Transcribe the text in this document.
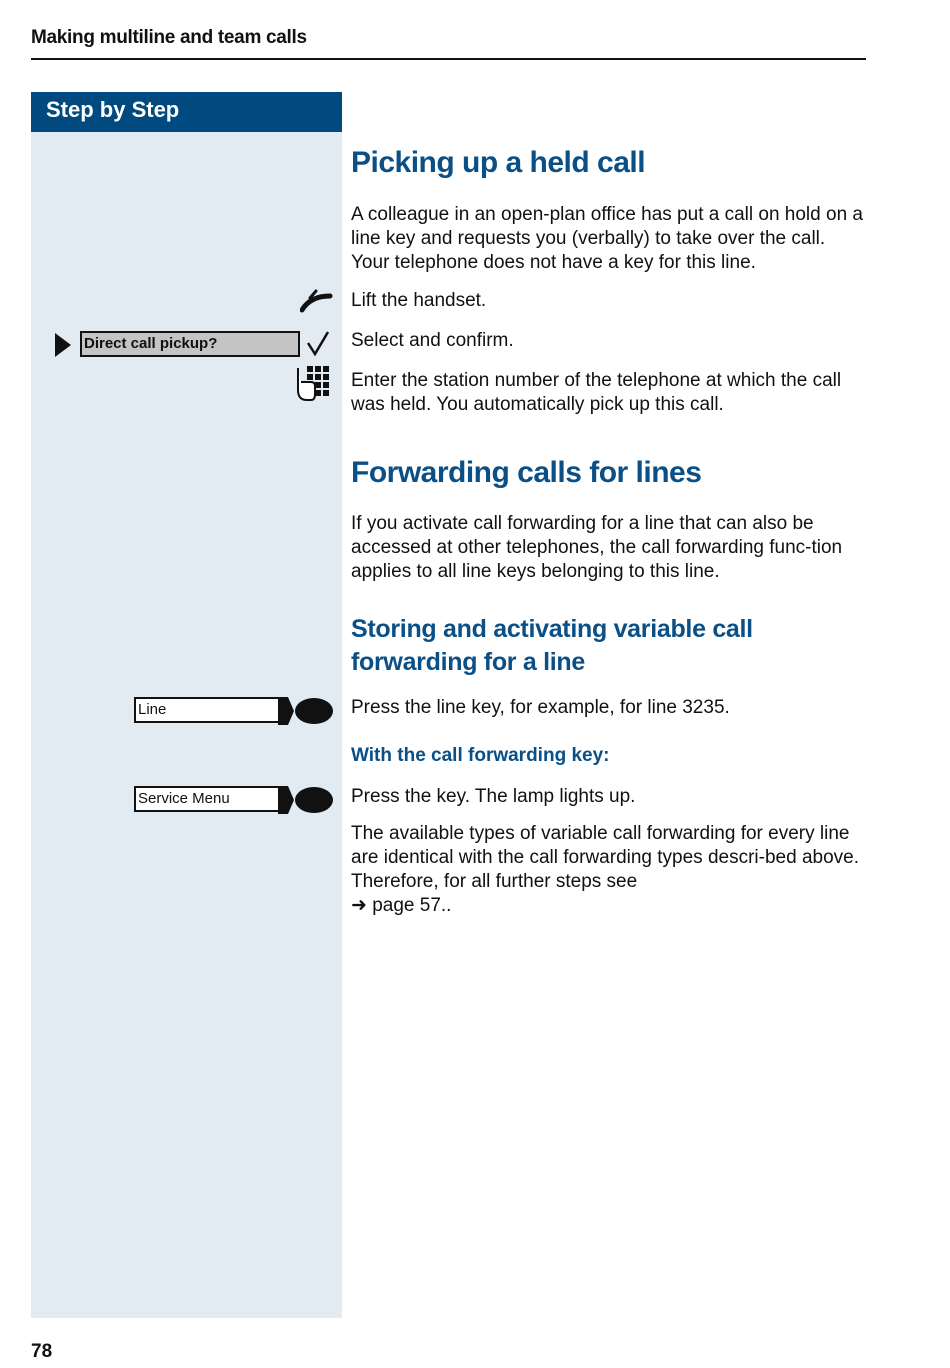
Making multiline and team calls
Step by Step
Picking up a held call

A colleague in an open-plan office has put a call on hold on a line key and requests you (verbally) to take over the call. Your telephone does not have a key for this line.

Lift the handset.

Direct call pickup?	Select and confirm.

Enter the station number of the telephone at which the call was held. You automatically pick up this call.

Forwarding calls for lines

If you activate call forwarding for a line that can also be accessed at other telephones, the call forwarding func-tion applies to all line keys belonging to this line.

Storing and activating variable call forwarding for a line
Line	Press the line key, for example, for line 3235.

With the call forwarding key:
Service Menu	Press the key. The lamp lights up.

The available types of variable call forwarding for every line are identical with the call forwarding types descri-bed above. Therefore, for all further steps see

➜ page 57..
78
